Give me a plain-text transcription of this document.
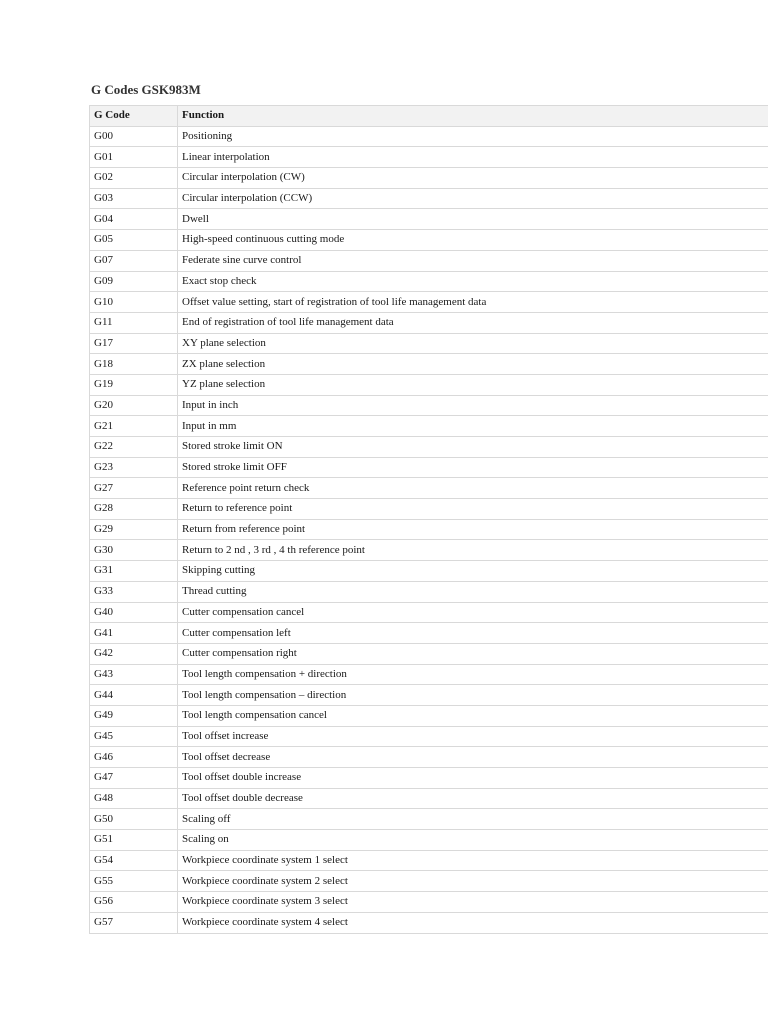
G Codes GSK983M
G Code	Function
G00	Positioning
G01	Linear interpolation
G02	Circular interpolation (CW)
G03	Circular interpolation (CCW)
G04	Dwell
G05	High-speed continuous cutting mode
G07	Federate sine curve control
G09	Exact stop check
G10	Offset value setting, start of registration of tool life management data
G11	End of registration of tool life management data
G17	XY plane selection
G18	ZX plane selection
G19	YZ plane selection
G20	Input in inch
G21	Input in mm
G22	Stored stroke limit ON
G23	Stored stroke limit OFF
G27	Reference point return check
G28	Return to reference point
G29	Return from reference point
G30	Return to 2 nd , 3 rd , 4 th reference point
G31	Skipping cutting
G33	Thread cutting
G40	Cutter compensation cancel
G41	Cutter compensation left
G42	Cutter compensation right
G43	Tool length compensation + direction
G44	Tool length compensation – direction
G49	Tool length compensation cancel
G45	Tool offset increase
G46	Tool offset decrease
G47	Tool offset double increase
G48	Tool offset double decrease
G50	Scaling off
G51	Scaling on
G54	Workpiece coordinate system 1 select
G55	Workpiece coordinate system 2 select
G56	Workpiece coordinate system 3 select
G57	Workpiece coordinate system 4 select
